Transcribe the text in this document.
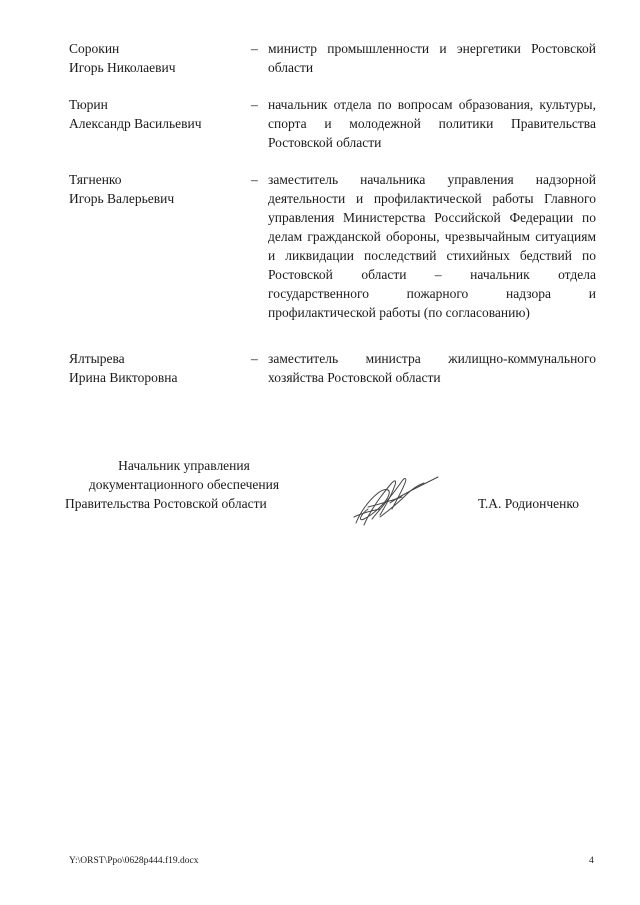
Сорокин
Игорь Николаевич
– министр промышленности и энергетики Ростовской области
Тюрин
Александр Васильевич
– начальник отдела по вопросам образования, культуры, спорта и молодежной политики Правительства Ростовской области
Тягненко
Игорь Валерьевич
– заместитель начальника управления надзорной деятельности и профилактической работы Главного управления Министерства Российской Федерации по делам гражданской обороны, чрезвычайным ситуациям и ликвидации последствий стихийных бедствий по Ростовской области – начальник отдела государственного пожарного надзора и профилактической работы (по согласованию)
Ялтырева
Ирина Викторовна
– заместитель министра жилищно-коммунального хозяйства Ростовской области
Начальник управления
документационного обеспечения
Правительства Ростовской области	Т.А. Родионченко
Y:\ORST\Ppo\0628p444.f19.docx	4
